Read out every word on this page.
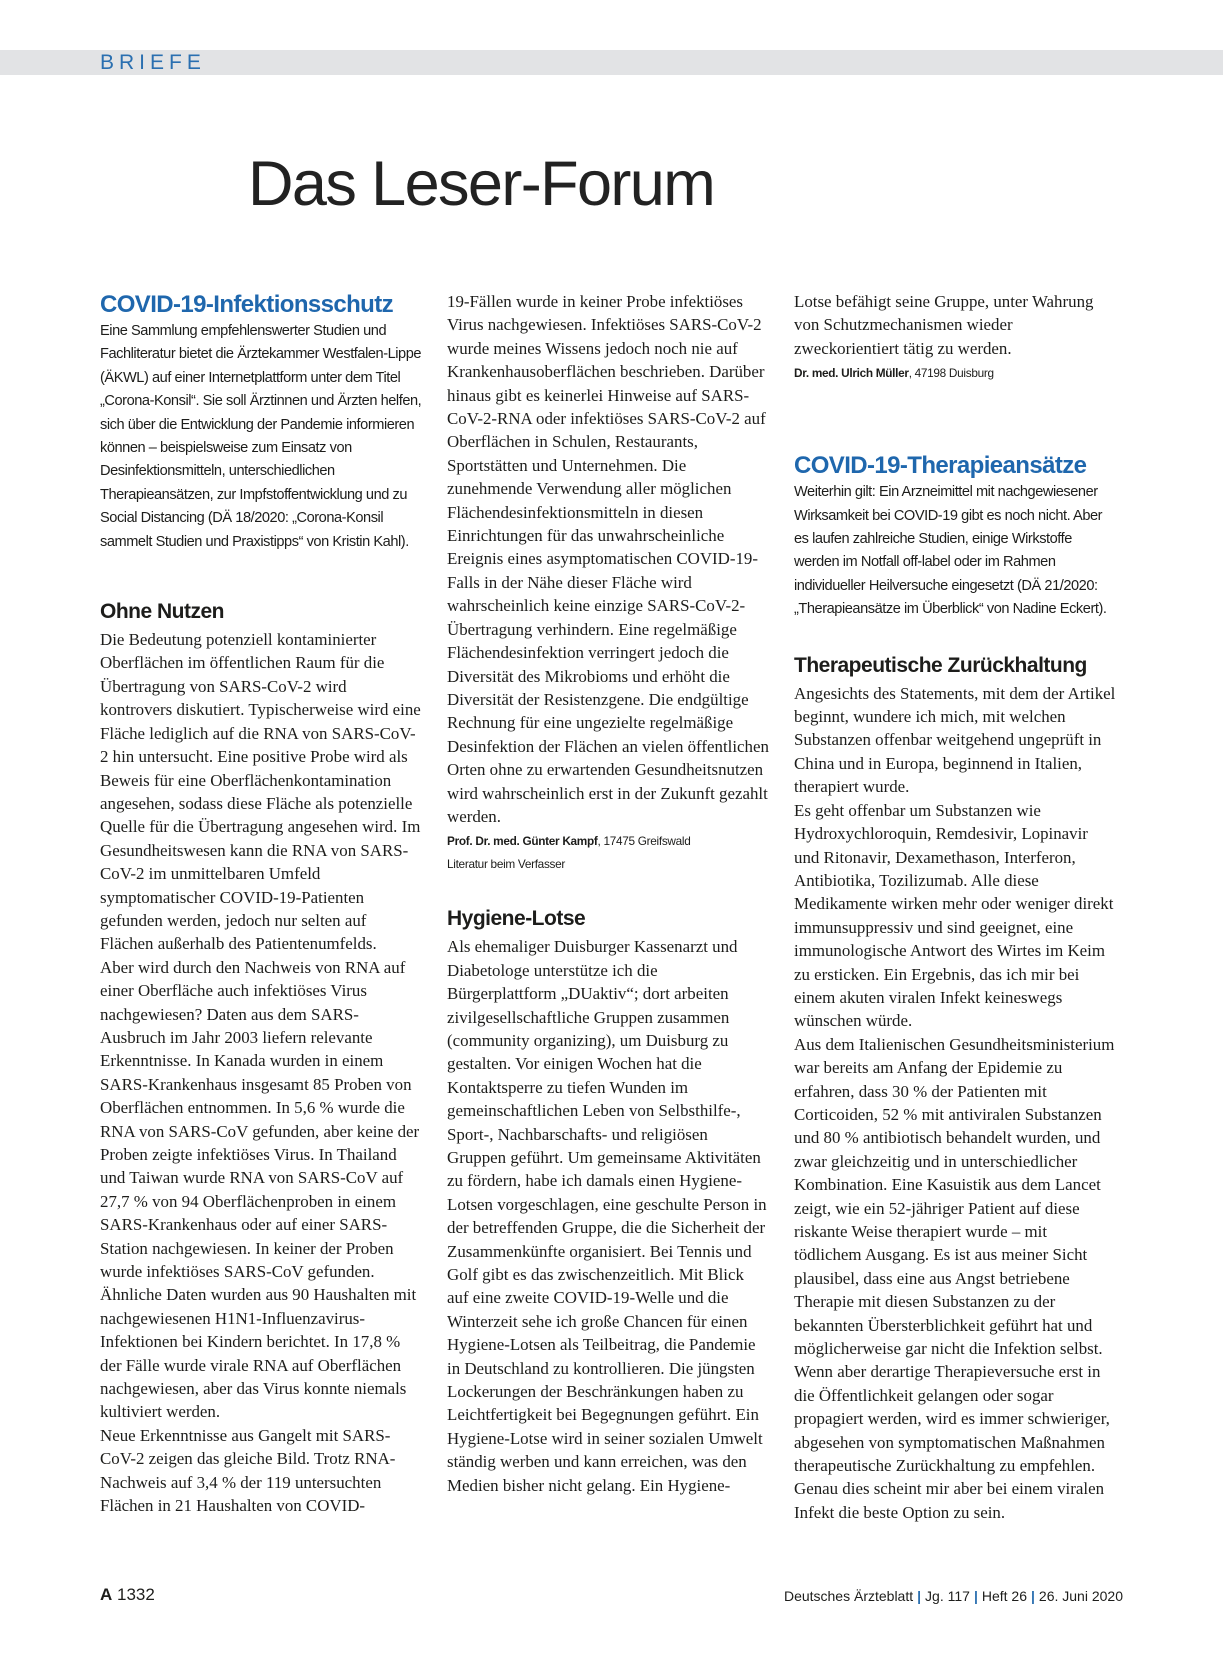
BRIEFE
Das Leser-Forum
COVID-19-Infektionsschutz

Eine Sammlung empfehlenswerter Studien und Fachliteratur bietet die Ärztekammer Westfalen-Lippe (ÄKWL) auf einer Internetplattform unter dem Titel „Corona-Konsil“. Sie soll Ärztinnen und Ärzten helfen, sich über die Entwicklung der Pandemie informieren können – beispielsweise zum Einsatz von Desinfektionsmitteln, unterschiedlichen Therapieansätzen, zur Impfstoffentwicklung und zu Social Distancing (DÄ 18/2020: „Corona-Konsil sammelt Studien und Praxistipps“ von Kristin Kahl).

Ohne Nutzen

Die Bedeutung potenziell kontaminierter Oberflächen im öffentlichen Raum für die Übertragung von SARS-CoV-2 wird kontrovers diskutiert. Typischerweise wird eine Fläche lediglich auf die RNA von SARS-CoV-2 hin untersucht. Eine positive Probe wird als Beweis für eine Oberflächenkontamination angesehen, sodass diese Fläche als potenzielle Quelle für die Übertragung angesehen wird. Im Gesundheitswesen kann die RNA von SARS-CoV-2 im unmittelbaren Umfeld symptomatischer COVID-19-Patienten gefunden werden, jedoch nur selten auf Flächen außerhalb des Patientenumfelds.

Aber wird durch den Nachweis von RNA auf einer Oberfläche auch infektiöses Virus nachgewiesen? Daten aus dem SARS-Ausbruch im Jahr 2003 liefern relevante Erkenntnisse. In Kanada wurden in einem SARS-Krankenhaus insgesamt 85 Proben von Oberflächen entnommen. In 5,6 % wurde die RNA von SARS-CoV gefunden, aber keine der Proben zeigte infektiöses Virus. In Thailand und Taiwan wurde RNA von SARS-CoV auf 27,7 % von 94 Oberflächenproben in einem SARS-Krankenhaus oder auf einer SARS-Station nachgewiesen. In keiner der Proben wurde infektiöses SARS-CoV gefunden. Ähnliche Daten wurden aus 90 Haushalten mit nachgewiesenen H1N1-Influenzavirus-Infektionen bei Kindern berichtet. In 17,8 % der Fälle wurde virale RNA auf Oberflächen nachgewiesen, aber das Virus konnte niemals kultiviert werden.

Neue Erkenntnisse aus Gangelt mit SARS-CoV-2 zeigen das gleiche Bild. Trotz RNA-Nachweis auf 3,4 % der 119 untersuchten Flächen in 21 Haushalten von COVID-

19-Fällen wurde in keiner Probe infektiöses Virus nachgewiesen. Infektiöses SARS-CoV-2 wurde meines Wissens jedoch noch nie auf Krankenhausoberflächen beschrieben. Darüber hinaus gibt es keinerlei Hinweise auf SARS-CoV-2-RNA oder infektiöses SARS-CoV-2 auf Oberflächen in Schulen, Restaurants, Sportstätten und Unternehmen. Die zunehmende Verwendung aller möglichen Flächendesinfektionsmitteln in diesen Einrichtungen für das unwahrscheinliche Ereignis eines asymptomatischen COVID-19-Falls in der Nähe dieser Fläche wird wahrscheinlich keine einzige SARS-CoV-2-Übertragung verhindern. Eine regelmäßige Flächendesinfektion verringert jedoch die Diversität des Mikrobioms und erhöht die Diversität der Resistenzgene. Die endgültige Rechnung für eine ungezielte regelmäßige Desinfektion der Flächen an vielen öffentlichen Orten ohne zu erwartenden Gesundheitsnutzen wird wahrscheinlich erst in der Zukunft gezahlt werden.

Prof. Dr. med. Günter Kampf, 17475 Greifswald

Literatur beim Verfasser

Hygiene-Lotse

Als ehemaliger Duisburger Kassenarzt und Diabetologe unterstütze ich die Bürgerplattform „DUaktiv“; dort arbeiten zivilgesellschaftliche Gruppen zusammen (community organizing), um Duisburg zu gestalten. Vor einigen Wochen hat die Kontaktsperre zu tiefen Wunden im gemeinschaftlichen Leben von Selbsthilfe-, Sport-, Nachbarschafts- und religiösen Gruppen geführt. Um gemeinsame Aktivitäten zu fördern, habe ich damals einen Hygiene-Lotsen vorgeschlagen, eine geschulte Person in der betreffenden Gruppe, die die Sicherheit der Zusammenkünfte organisiert. Bei Tennis und Golf gibt es das zwischenzeitlich. Mit Blick auf eine zweite COVID-19-Welle und die Winterzeit sehe ich große Chancen für einen Hygiene-Lotsen als Teilbeitrag, die Pandemie in Deutschland zu kontrollieren. Die jüngsten Lockerungen der Beschränkungen haben zu Leichtfertigkeit bei Begegnungen geführt. Ein Hygiene-Lotse wird in seiner sozialen Umwelt ständig werben und kann erreichen, was den Medien bisher nicht gelang. Ein Hygiene-

Lotse befähigt seine Gruppe, unter Wahrung von Schutzmechanismen wieder zweckorientiert tätig zu werden.

Dr. med. Ulrich Müller, 47198 Duisburg

COVID-19-Therapieansätze

Weiterhin gilt: Ein Arzneimittel mit nachgewiesener Wirksamkeit bei COVID-19 gibt es noch nicht. Aber es laufen zahlreiche Studien, einige Wirkstoffe werden im Notfall off-label oder im Rahmen individueller Heilversuche eingesetzt (DÄ 21/2020: „Therapieansätze im Überblick“ von Nadine Eckert).

Therapeutische Zurückhaltung

Angesichts des Statements, mit dem der Artikel beginnt, wundere ich mich, mit welchen Substanzen offenbar weitgehend ungeprüft in China und in Europa, beginnend in Italien, therapiert wurde.

Es geht offenbar um Substanzen wie Hydroxychloroquin, Remdesivir, Lopinavir und Ritonavir, Dexamethason, Interferon, Antibiotika, Tozilizumab. Alle diese Medikamente wirken mehr oder weniger direkt immunsuppressiv und sind geeignet, eine immunologische Antwort des Wirtes im Keim zu ersticken. Ein Ergebnis, das ich mir bei einem akuten viralen Infekt keineswegs wünschen würde.

Aus dem Italienischen Gesundheitsministerium war bereits am Anfang der Epidemie zu erfahren, dass 30 % der Patienten mit Corticoiden, 52 % mit antiviralen Substanzen und 80 % antibiotisch behandelt wurden, und zwar gleichzeitig und in unterschiedlicher Kombination. Eine Kasuistik aus dem Lancet zeigt, wie ein 52-jähriger Patient auf diese riskante Weise therapiert wurde – mit tödlichem Ausgang. Es ist aus meiner Sicht plausibel, dass eine aus Angst betriebene Therapie mit diesen Substanzen zu der bekannten Übersterblichkeit geführt hat und möglicherweise gar nicht die Infektion selbst. Wenn aber derartige Therapieversuche erst in die Öffentlichkeit gelangen oder sogar propagiert werden, wird es immer schwieriger, abgesehen von symptomatischen Maßnahmen therapeutische Zurückhaltung zu empfehlen. Genau dies scheint mir aber bei einem viralen Infekt die beste Option zu sein.

A 1332	Deutsches Ärzteblatt | Jg. 117 | Heft 26 | 26. Juni 2020
